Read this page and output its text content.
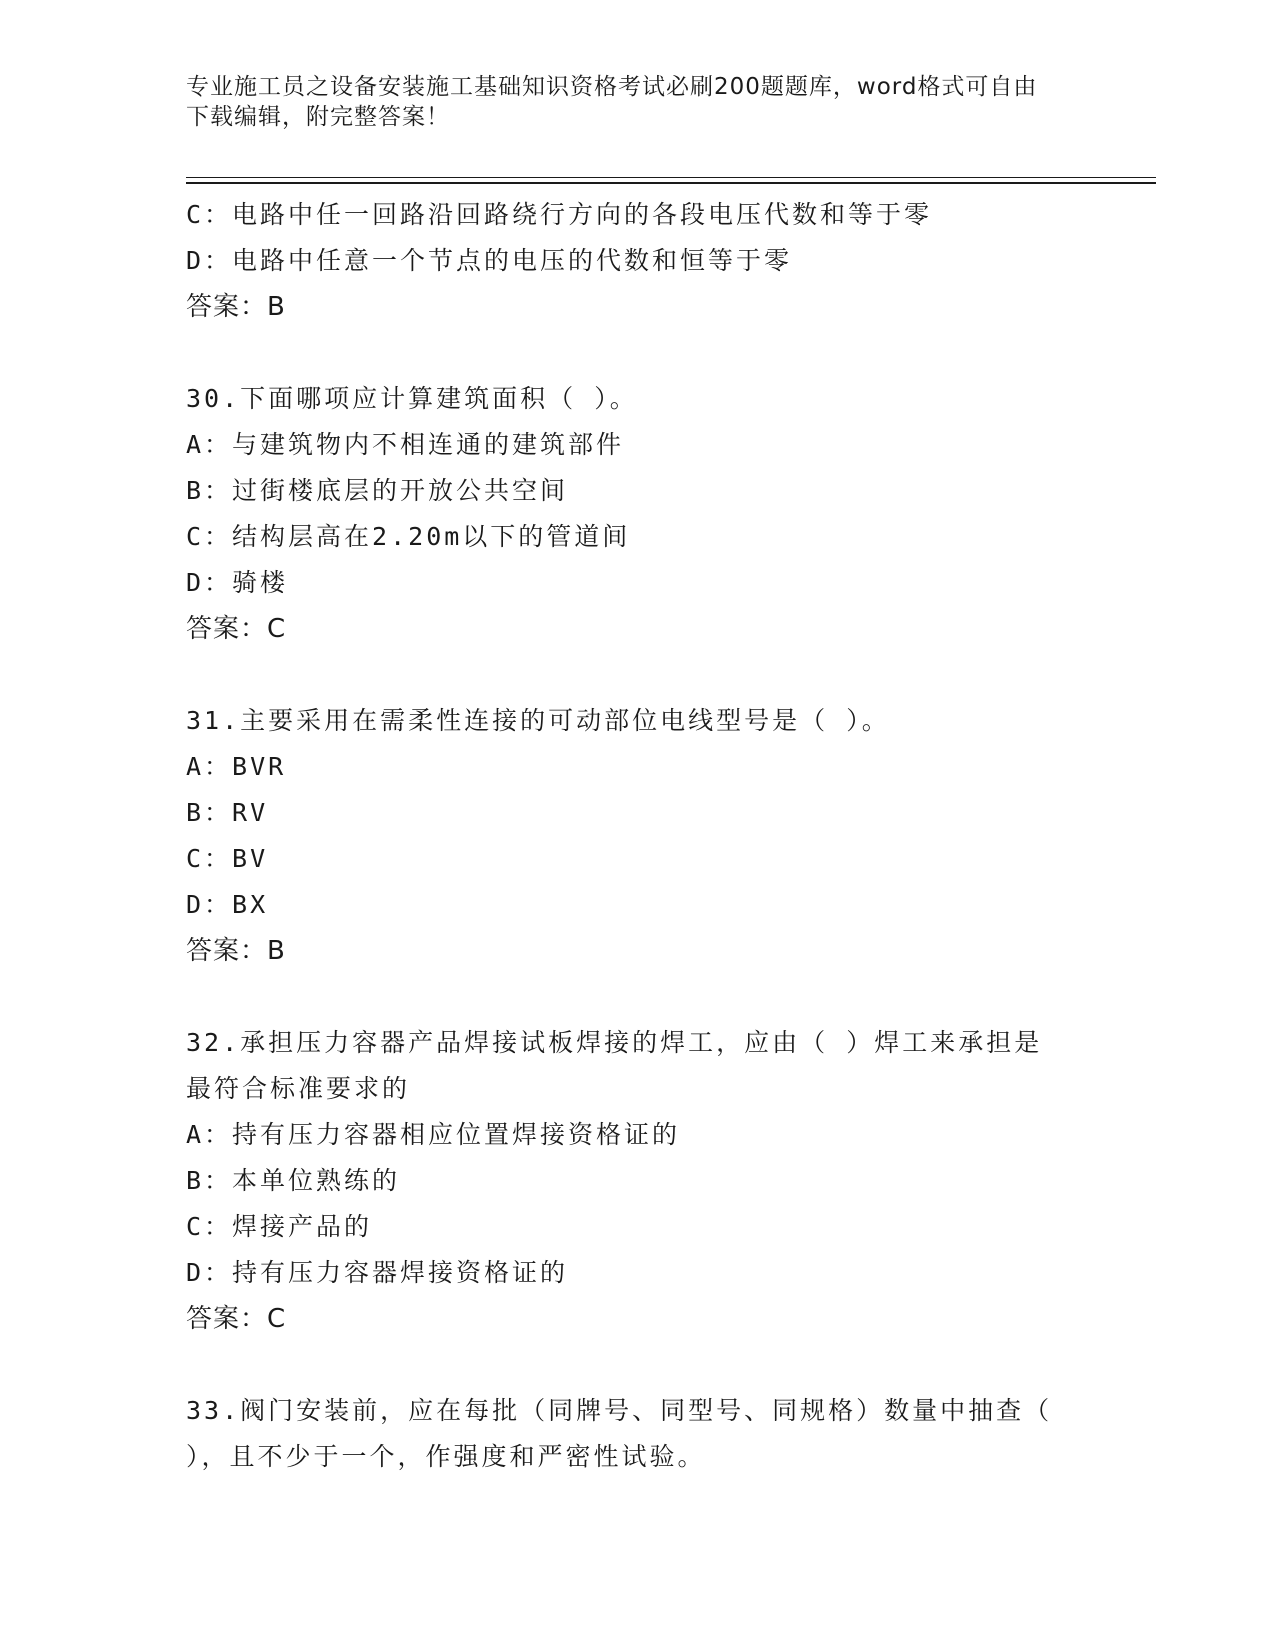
专业施工员之设备安装施工基础知识资格考试必刷200题题库，word格式可自由
下载编辑，附完整答案！
C：电路中任一回路沿回路绕行方向的各段电压代数和等于零
D：电路中任意一个节点的电压的代数和恒等于零
答案：B
30.下面哪项应计算建筑面积（ ）。
A：与建筑物内不相连通的建筑部件
B：过街楼底层的开放公共空间
C：结构层高在2.20m以下的管道间
D：骑楼
答案：C
31.主要采用在需柔性连接的可动部位电线型号是（ ）。
A：BVR
B：RV
C：BV
D：BX
答案：B
32.承担压力容器产品焊接试板焊接的焊工，应由（ ）焊工来承担是
最符合标准要求的
A：持有压力容器相应位置焊接资格证的
B：本单位熟练的
C：焊接产品的
D：持有压力容器焊接资格证的
答案：C
33.阀门安装前，应在每批（同牌号、同型号、同规格）数量中抽查（
），且不少于一个，作强度和严密性试验。
